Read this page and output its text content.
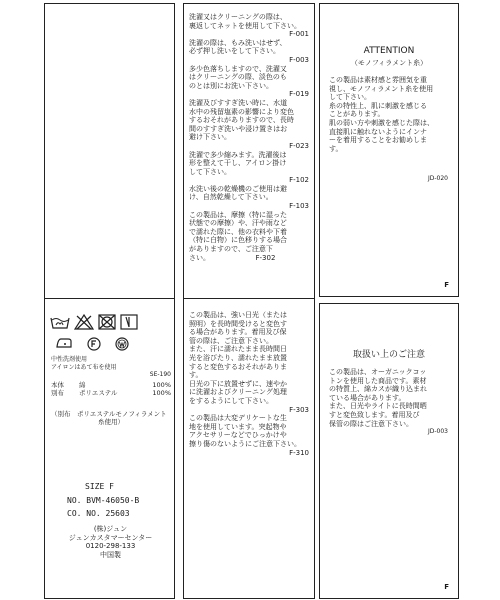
中性洗剤使用
アイロンはあて布を使用
SE-190
本体	綿	100%
別布	ポリエステル	100%
（別布　ポリエステルモノフィラメント
糸使用）
SIZE F
NO. BVM-46050-B
CO. NO. 25603
(株)ジュン
ジュンカスタマーセンター
0120-298-133
中国製
洗濯又はクリーニングの際は、
裏返してネットを使用して下さい。
F-001
洗濯の際は、もみ洗いはせず、
必ず押し洗いをして下さい。
F-003
多少色落ちしますので、洗濯又
はクリーニングの際、淡色のも
のとは別にお洗い下さい。
F-019
洗濯及びすすぎ洗い時に、水道
水中の残留塩素の影響により変色
するおそれがありますので、長時
間のすすぎ洗いや浸け置きはお
避け下さい。
F-023
洗濯で多少縮みます。洗濯後は
形を整えて干し、アイロン掛け
して下さい。
F-102
水洗い後の乾燥機のご使用は避
け、自然乾燥して下さい。
F-103
この製品は、摩擦（特に湿った
状態での摩擦）や、汗や雨など
で濡れた際に、他の衣料や下着
（特に白物）に色移りする場合
がありますので、ご注意下
さい。　　　　　　　F-302
この製品は、強い日光（または
照明）を長時間受けると変色す
る場合があります。着用及び保
管の際は、ご注意下さい。
また、汗に濡れたまま長時間日
光を浴びたり、濡れたまま放置
すると変色するおそれがありま
す。
日光の下に放置せずに、速やか
に洗濯およびクリーニング処理
をするようにして下さい。
F-303
この製品は大変デリケートな生
地を使用しています。突起物や
アクセサリーなどでひっかけや
擦り傷のないようにご注意下さい。
F-310
ATTENTION
（モノフィラメント糸）
この製品は素材感と雰囲気を重
視し、モノフィラメント糸を使用
して下さい。
糸の特性上、肌に刺激を感じる
ことがあります。
肌の弱い方や刺激を感じた際は、
直接肌に触れないようにインナ
ーを着用することをお勧めしま
す。
JD-020
F
取扱い上のご注意
この製品は、オーガニックコッ
トンを使用した商品です。素材
の特質上、綿カスが織り込まれ
ている場合があります。
また、日光やライトに長時間晒
すと変色致します。着用及び
保管の際はご注意下さい。
JD-003
F
